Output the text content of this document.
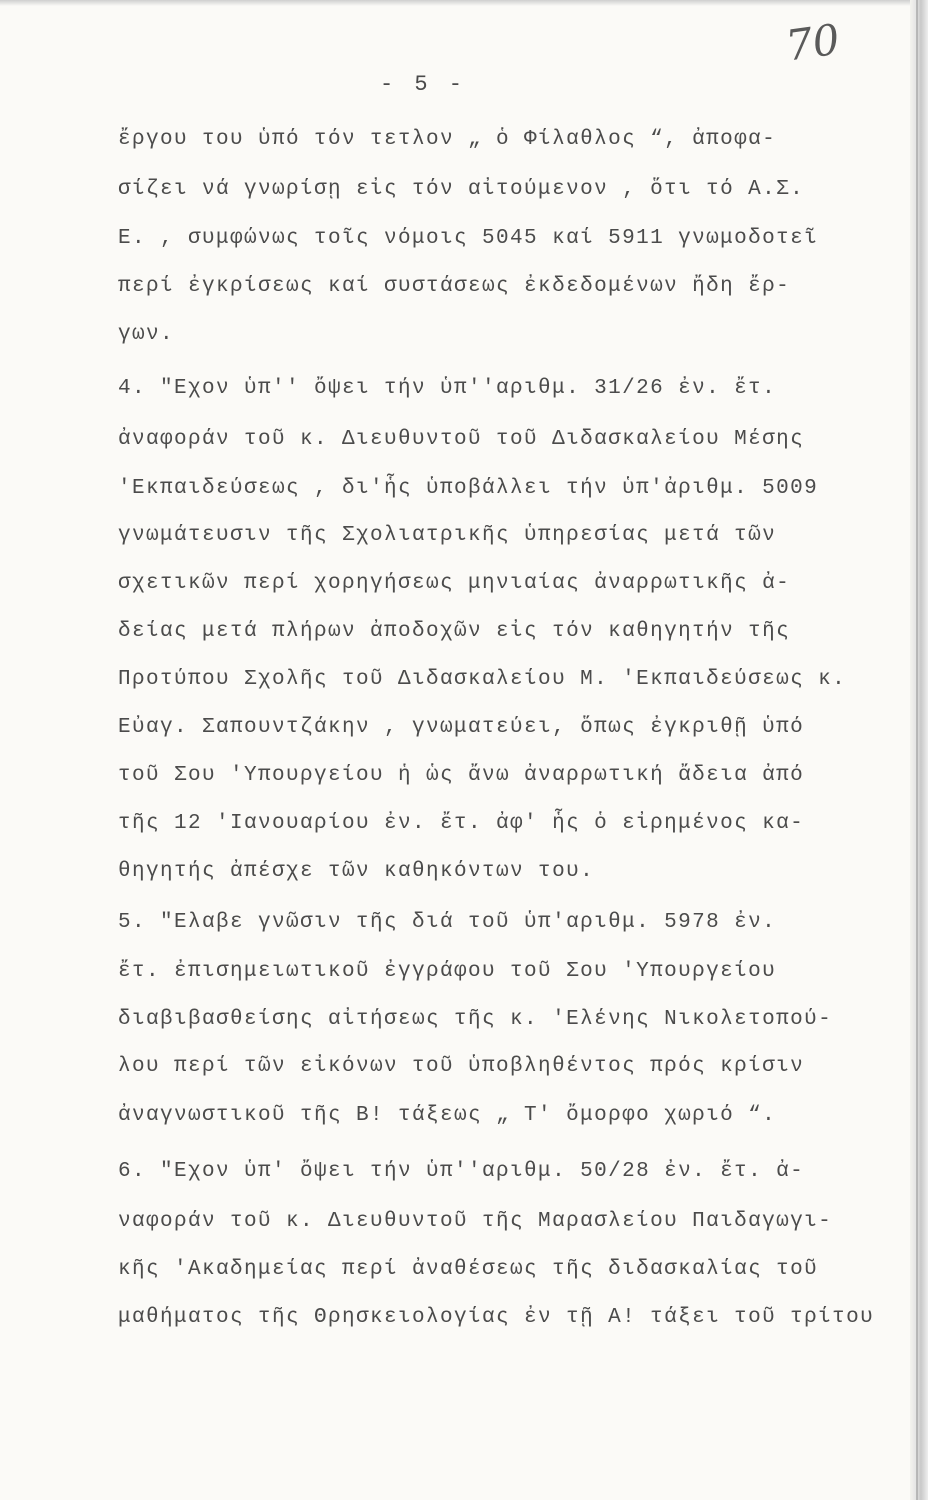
70
- 5 -
ἔργου του ὑπό τόν τετλον „ ὁ Φίλαθλος “, ἀποφα-
σίζει νά γνωρίσῃ εἰς τόν αἰτούμενον , ὅτι τό Α.Σ.
Ε. , συμφώνως τοῖς νόμοις 5045 καί 5911 γνωμοδοτεῖ
περί ἐγκρίσεως καί συστάσεως ἐκδεδομένων ἤδη ἔρ-
γων.
4. "Εχον ὑπ'' ὄψει τήν ὑπ''αριθμ. 31/26 ἐν. ἔτ.
ἀναφοράν τοῦ κ. Διευθυντοῦ τοῦ Διδασκαλείου Μέσης
'Εκπαιδεύσεως , δι'ἧς ὑποβάλλει τήν ὑπ'ἀριθμ. 5009
γνωμάτευσιν τῆς Σχολιατρικῆς ὑπηρεσίας μετά τῶν
σχετικῶν περί χορηγήσεως μηνιαίας ἀναρρωτικῆς ἀ-
δείας μετά πλήρων ἀποδοχῶν εἰς τόν καθηγητήν τῆς
Προτύπου Σχολῆς τοῦ Διδασκαλείου Μ. 'Εκπαιδεύσεως κ.
Εὐαγ. Σαπουντζάκην , γνωματεύει, ὅπως ἐγκριθῇ ὑπό
τοῦ Σου 'Υπουργείου ἡ ὡς ἄνω ἀναρρωτική ἄδεια ἀπό
τῆς 12 'Ιανουαρίου ἐν. ἔτ. ἀφ' ἧς ὁ εἰρημένος κα-
θηγητής ἀπέσχε τῶν καθηκόντων του.
5. "Ελαβε γνῶσιν τῆς διά τοῦ ὑπ'αριθμ. 5978 ἐν.
ἔτ. ἐπισημειωτικοῦ ἐγγράφου τοῦ Σου 'Υπουργείου
διαβιβασθείσης αἰτήσεως τῆς κ. 'Ελένης Νικολετοπού-
λου περί τῶν εἰκόνων τοῦ ὑποβληθέντος πρός κρίσιν
ἀναγνωστικοῦ τῆς Β! τάξεως „ Τ' ὄμορφο χωριό “.
6. "Εχον ὑπ' ὄψει τήν ὑπ''αριθμ. 50/28 ἐν. ἔτ. ἀ-
ναφοράν τοῦ κ. Διευθυντοῦ τῆς Μαρασλείου Παιδαγωγι-
κῆς 'Ακαδημείας περί ἀναθέσεως τῆς διδασκαλίας τοῦ
μαθήματος τῆς Θρησκειολογίας ἐν τῇ Α! τάξει τοῦ τρίτου
